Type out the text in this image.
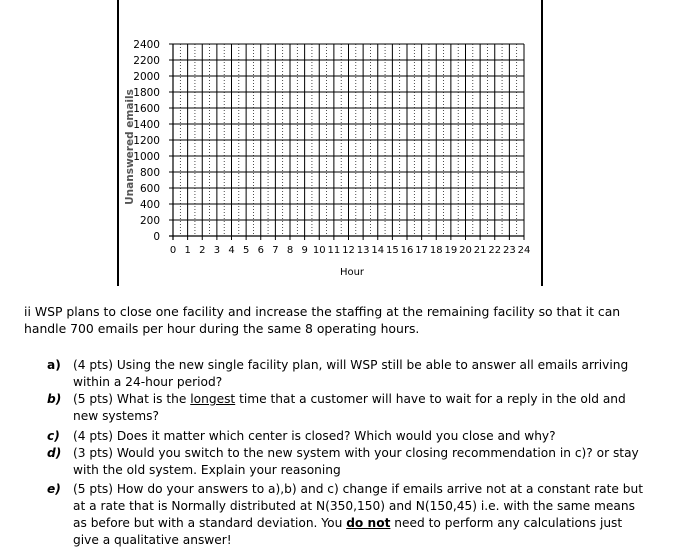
0
200
400
600
800
1000
1200
1400
1600
1800
2000
2200
2400
0 1 2 3 4 5 6 7 8 9 10 11 12 13 14 15 16 17 18 19 20 21 22 23 24
Unanswered emails
Hour
ii WSP plans to close one facility and increase the staffing at the remaining facility so that it can handle 700 emails per hour during the same 8 operating hours.
a)	(4 pts) Using the new single facility plan, will WSP still be able to answer all emails arriving within a 24-hour period?
b) (5 pts) What is the longest time that a customer will have to wait for a reply in the old and new systems?
c)	(4 pts) Does it matter which center is closed? Which would you close and why?
d) (3 pts) Would you switch to the new system with your closing recommendation in c)? or stay with the old system. Explain your reasoning
e) (5 pts) How do your answers to a),b) and c) change if emails arrive not at a constant rate but at a rate that is Normally distributed at N(350,150) and N(150,45) i.e. with the same means as before but with a standard deviation. You do not need to perform any calculations just give a qualitative answer!
